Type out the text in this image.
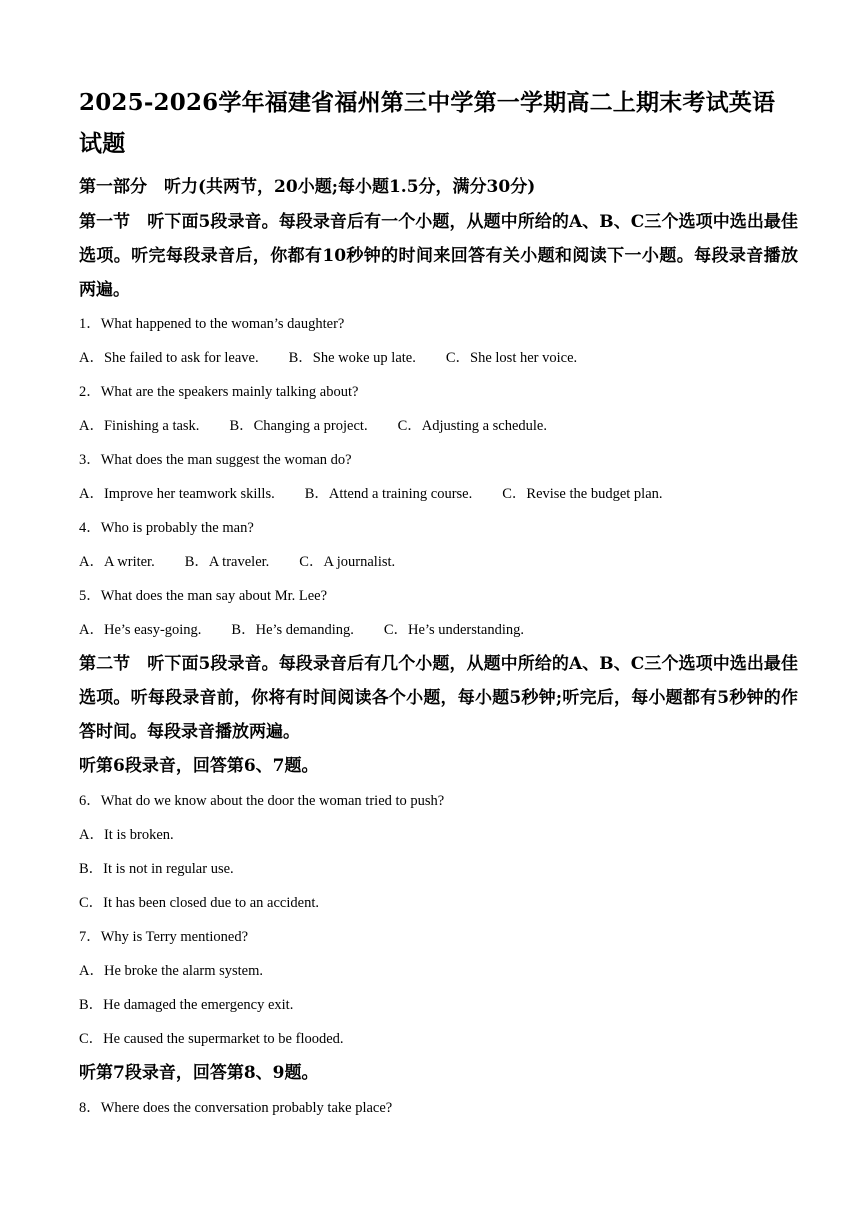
2025-2026学年福建省福州第三中学第一学期高二上期末考试英语试题

第一部分　听力(共两节，20小题;每小题1.5分，满分30分)

第一节　听下面5段录音。每段录音后有一个小题，从题中所给的A、B、C三个选项中选出最佳选项。听完每段录音后，你都有10秒钟的时间来回答有关小题和阅读下一小题。每段录音播放两遍。

1．What happened to the woman’s daughter?

A．She failed to ask for leave. B．She woke up late. C．She lost her voice.

2．What are the speakers mainly talking about?

A．Finishing a task. B．Changing a project. C．Adjusting a schedule.

3．What does the man suggest the woman do?

A．Improve her teamwork skills. B．Attend a training course. C．Revise the budget plan.

4．Who is probably the man?

A．A writer. B．A traveler. C．A journalist.

5．What does the man say about Mr. Lee?

A．He’s easy-going. B．He’s demanding. C．He’s understanding.

第二节　听下面5段录音。每段录音后有几个小题，从题中所给的A、B、C三个选项中选出最佳选项。听每段录音前，你将有时间阅读各个小题，每小题5秒钟;听完后，每小题都有5秒钟的作答时间。每段录音播放两遍。

听第6段录音，回答第6、7题。

6．What do we know about the door the woman tried to push?

A．It is broken.

B．It is not in regular use.

C．It has been closed due to an accident.

7．Why is Terry mentioned?

A．He broke the alarm system.

B．He damaged the emergency exit.

C．He caused the supermarket to be flooded.

听第7段录音，回答第8、9题。

8．Where does the conversation probably take place?
